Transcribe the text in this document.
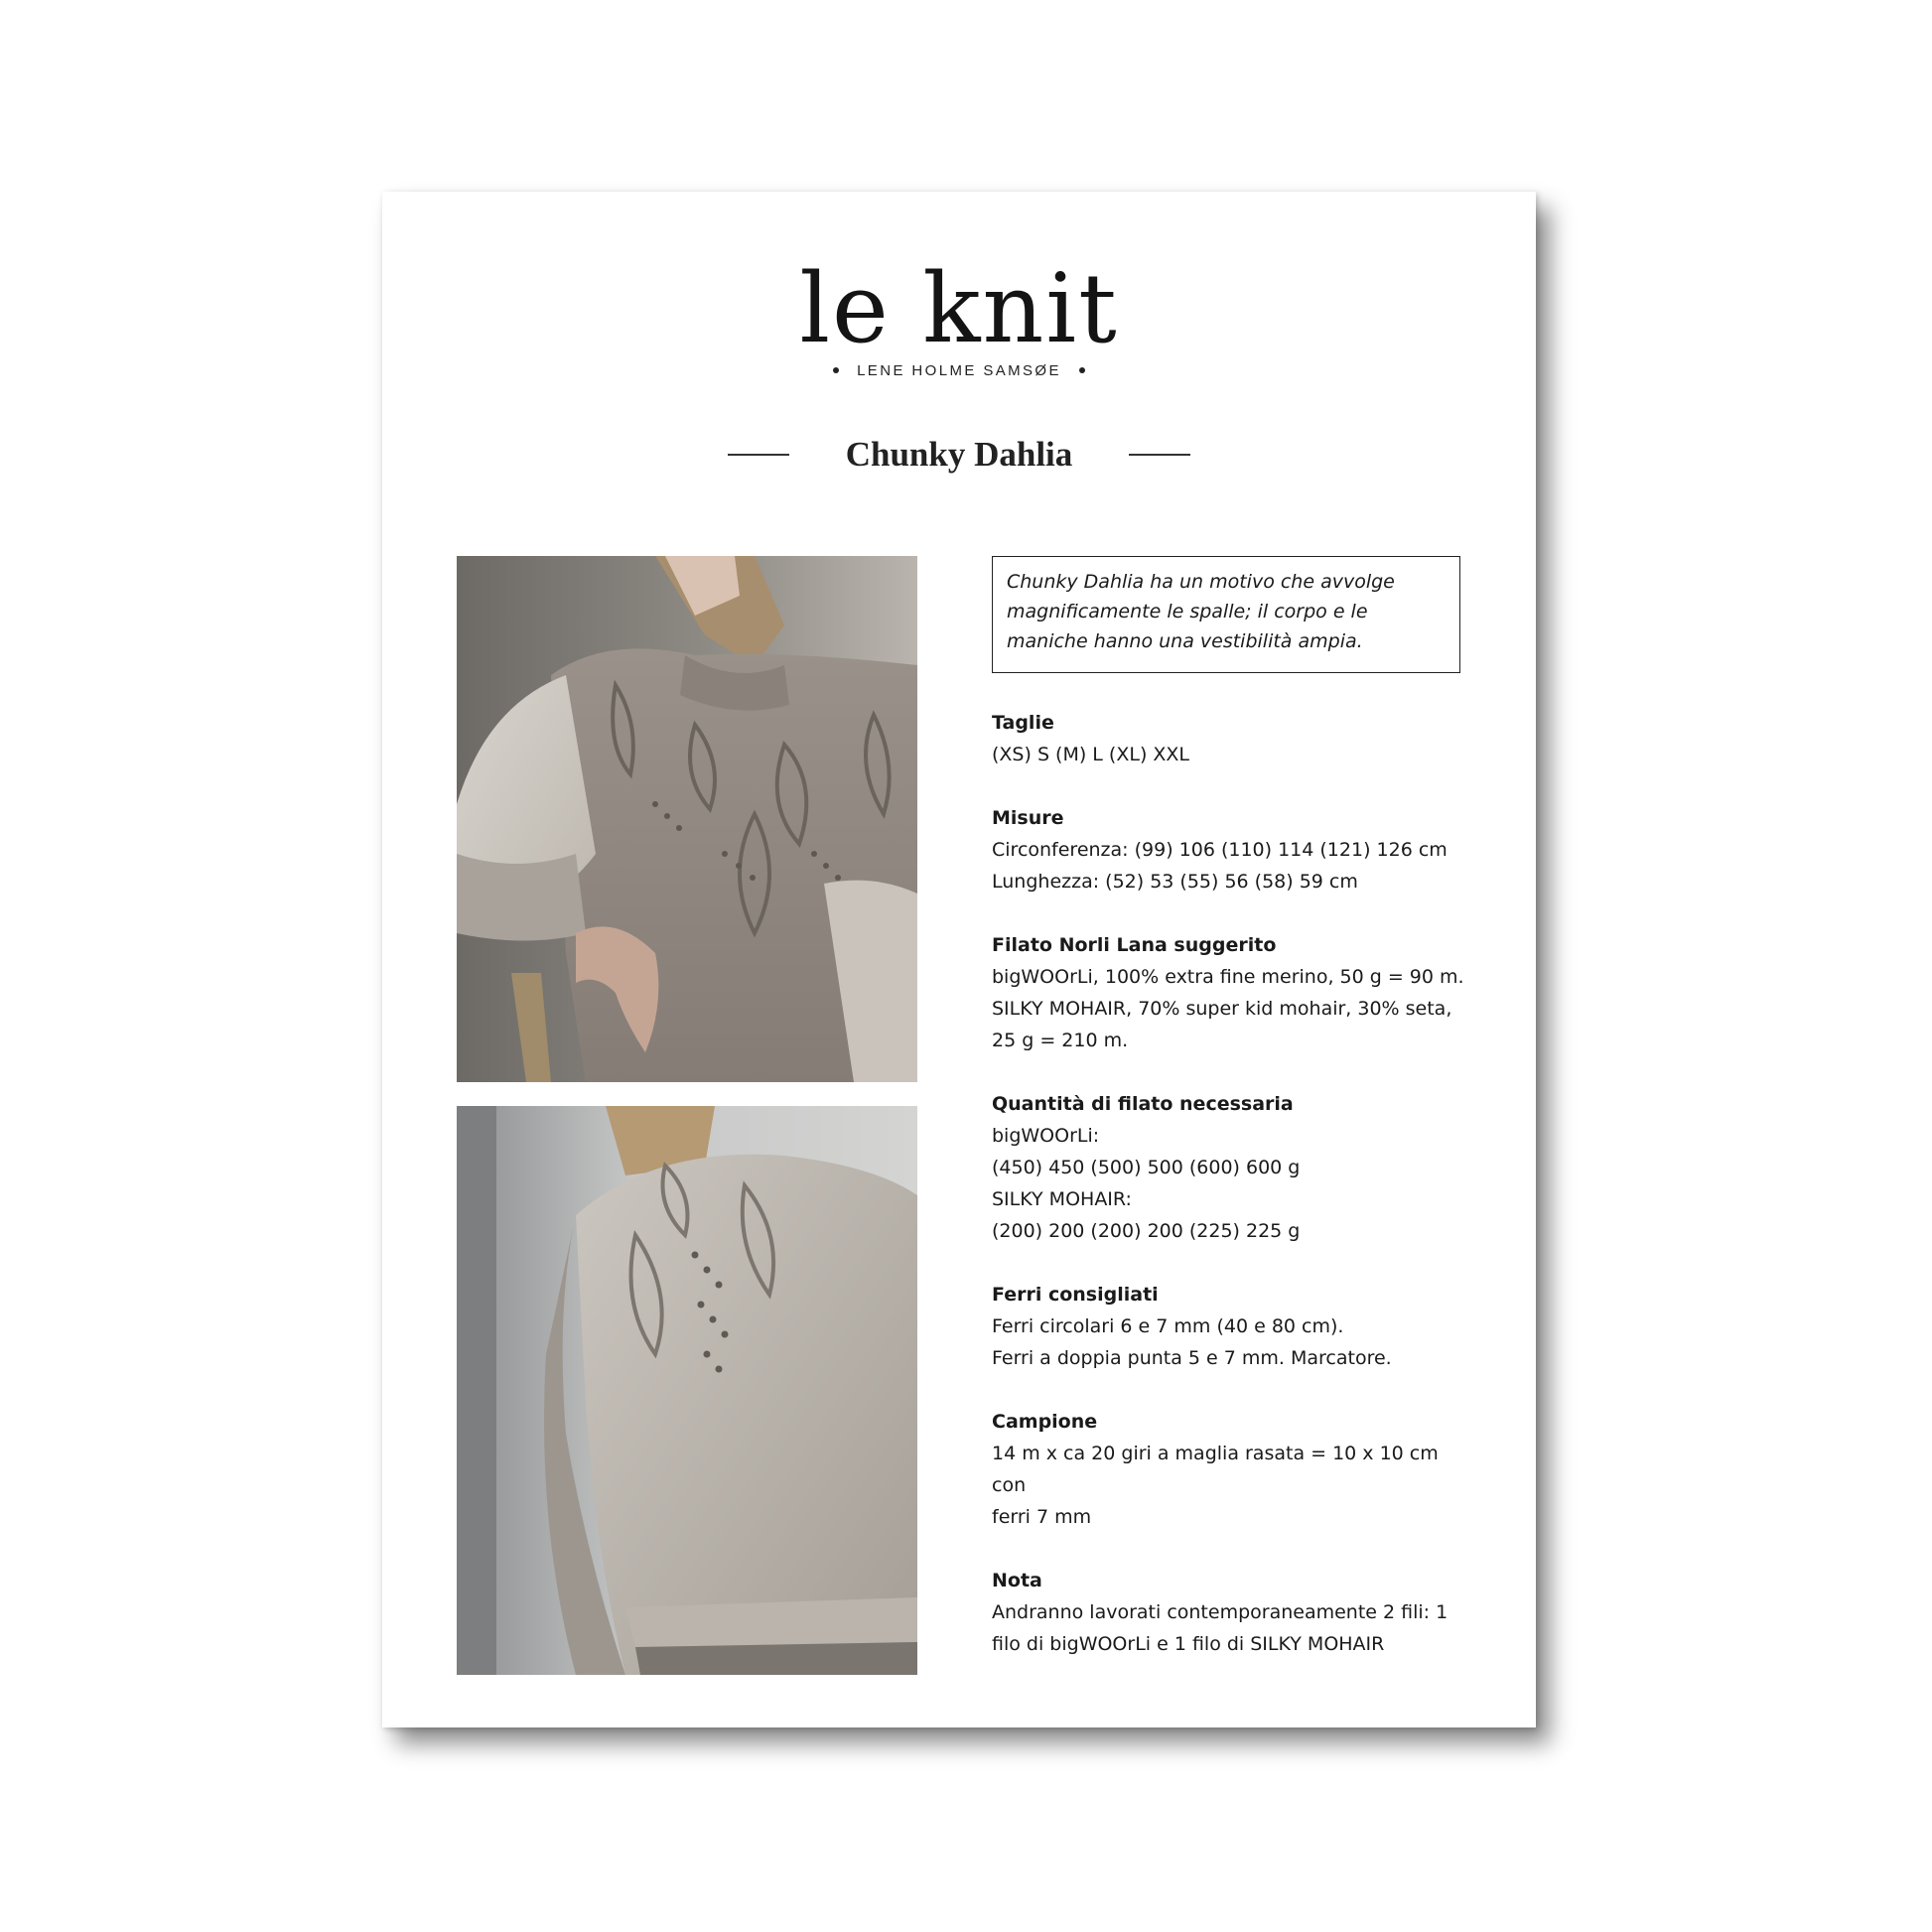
le knit
LENE HOLME SAMSØE
Chunky Dahlia
Chunky Dahlia ha un motivo che avvolge magnificamente le spalle; il corpo e le maniche hanno una vestibilità ampia.
Taglie
(XS) S (M) L (XL) XXL
Misure
Circonferenza: (99) 106 (110) 114 (121) 126 cm
Lunghezza: (52) 53 (55) 56 (58) 59 cm
Filato Norli Lana suggerito
bigWOOrLi, 100% extra fine merino, 50 g = 90 m.
SILKY MOHAIR, 70% super kid mohair, 30% seta,
25 g = 210 m.
Quantità di filato necessaria
bigWOOrLi:
(450) 450 (500) 500 (600) 600 g
SILKY MOHAIR:
(200) 200 (200) 200 (225) 225 g
Ferri consigliati
Ferri circolari 6 e 7 mm (40 e 80 cm).
Ferri a doppia punta 5 e 7 mm. Marcatore.
Campione
14 m x ca 20 giri a maglia rasata = 10 x 10 cm con
ferri 7 mm
Nota
Andranno lavorati contemporaneamente 2 fili: 1
filo di bigWOOrLi e 1 filo di SILKY MOHAIR
